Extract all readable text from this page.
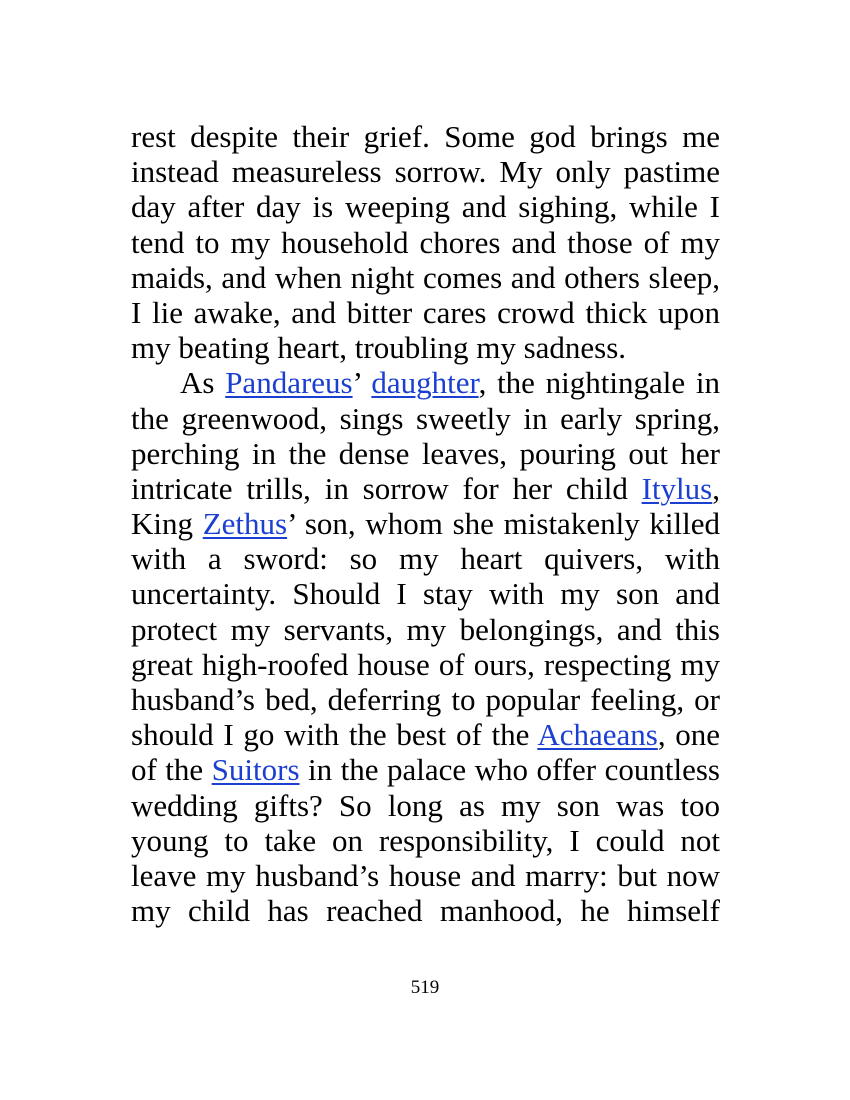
rest despite their grief. Some god brings me
instead measureless sorrow. My only pastime
day after day is weeping and sighing, while I
tend to my household chores and those of my
maids, and when night comes and others sleep,
I lie awake, and bitter cares crowd thick upon
my beating heart, troubling my sadness.
As Pandareus’ daughter, the nightingale in
the greenwood, sings sweetly in early spring,
perching in the dense leaves, pouring out her
intricate trills, in sorrow for her child Itylus,
King Zethus’ son, whom she mistakenly killed
with a sword: so my heart quivers, with
uncertainty. Should I stay with my son and
protect my servants, my belongings, and this
great high-roofed house of ours, respecting my
husband’s bed, deferring to popular feeling, or
should I go with the best of the Achaeans, one
of the Suitors in the palace who offer countless
wedding gifts? So long as my son was too
young to take on responsibility, I could not
leave my husband’s house and marry: but now
my child has reached manhood, he himself
519
